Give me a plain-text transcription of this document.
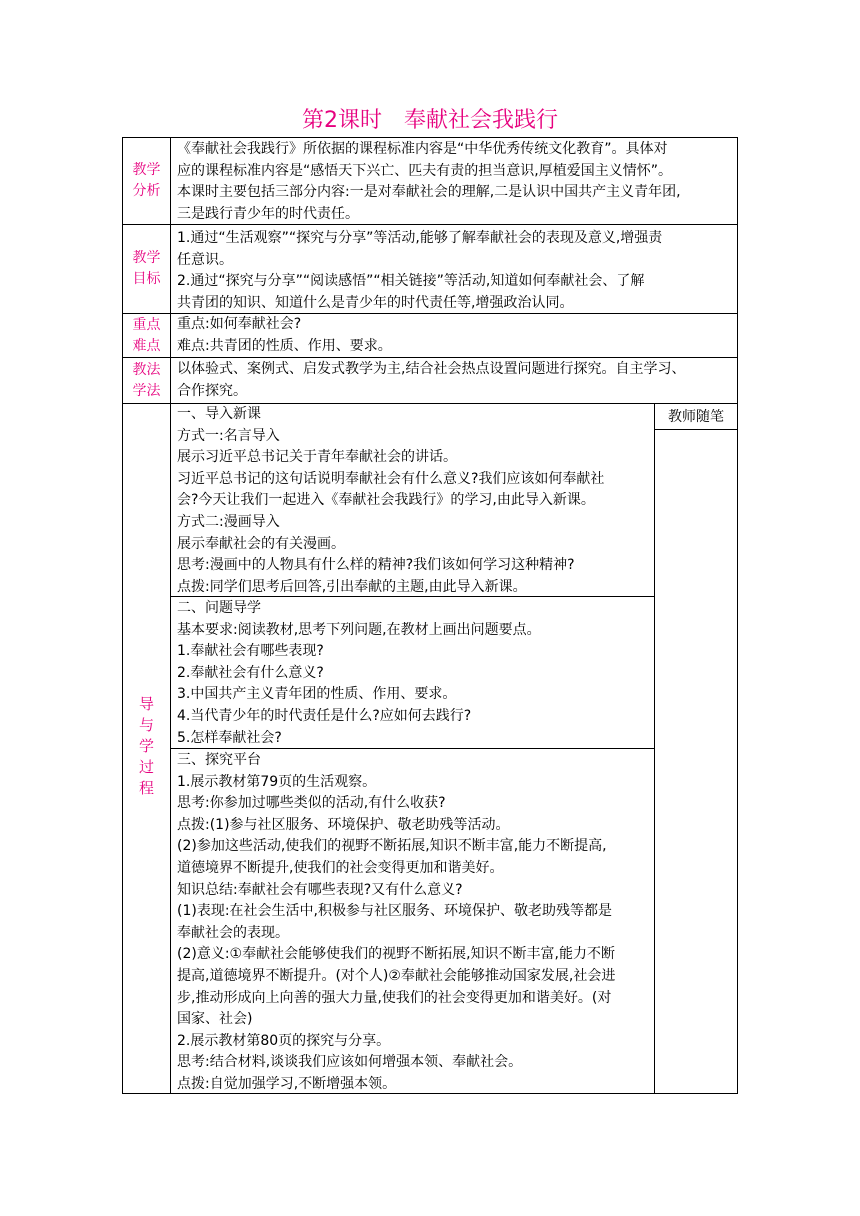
第2课时 奉献社会我践行
教学分析

《奉献社会我践行》所依据的课程标准内容是“中华优秀传统文化教育”。具体对

应的课程标准内容是“感悟天下兴亡、匹夫有责的担当意识,厚植爱国主义情怀”。

本课时主要包括三部分内容:一是对奉献社会的理解,二是认识中国共产主义青年团,

三是践行青少年的时代责任。

教学目标

1.通过“生活观察”“探究与分享”等活动,能够了解奉献社会的表现及意义,增强责

任意识。

2.通过“探究与分享”“阅读感悟”“相关链接”等活动,知道如何奉献社会、了解

共青团的知识、知道什么是青少年的时代责任等,增强政治认同。

重点难点

重点:如何奉献社会?

难点:共青团的性质、作用、要求。

教法学法

以体验式、案例式、启发式教学为主,结合社会热点设置问题进行探究。自主学习、

合作探究。

导与学过程
教师随笔

一、导入新课

方式一:名言导入

展示习近平总书记关于青年奉献社会的讲话。

习近平总书记的这句话说明奉献社会有什么意义?我们应该如何奉献社

会?今天让我们一起进入《奉献社会我践行》的学习,由此导入新课。

方式二:漫画导入

展示奉献社会的有关漫画。

思考:漫画中的人物具有什么样的精神?我们该如何学习这种精神?

点拨:同学们思考后回答,引出奉献的主题,由此导入新课。

二、问题导学

基本要求:阅读教材,思考下列问题,在教材上画出问题要点。

1.奉献社会有哪些表现?

2.奉献社会有什么意义?

3.中国共产主义青年团的性质、作用、要求。

4.当代青少年的时代责任是什么?应如何去践行?

5.怎样奉献社会?

三、探究平台

1.展示教材第79页的生活观察。

思考:你参加过哪些类似的活动,有什么收获?

点拨:(1)参与社区服务、环境保护、敬老助残等活动。

(2)参加这些活动,使我们的视野不断拓展,知识不断丰富,能力不断提高,

道德境界不断提升,使我们的社会变得更加和谐美好。

知识总结:奉献社会有哪些表现?又有什么意义?

(1)表现:在社会生活中,积极参与社区服务、环境保护、敬老助残等都是

奉献社会的表现。

(2)意义:①奉献社会能够使我们的视野不断拓展,知识不断丰富,能力不断

提高,道德境界不断提升。(对个人)②奉献社会能够推动国家发展,社会进

步,推动形成向上向善的强大力量,使我们的社会变得更加和谐美好。(对

国家、社会)

2.展示教材第80页的探究与分享。

思考:结合材料,谈谈我们应该如何增强本领、奉献社会。

点拨:自觉加强学习,不断增强本领。
